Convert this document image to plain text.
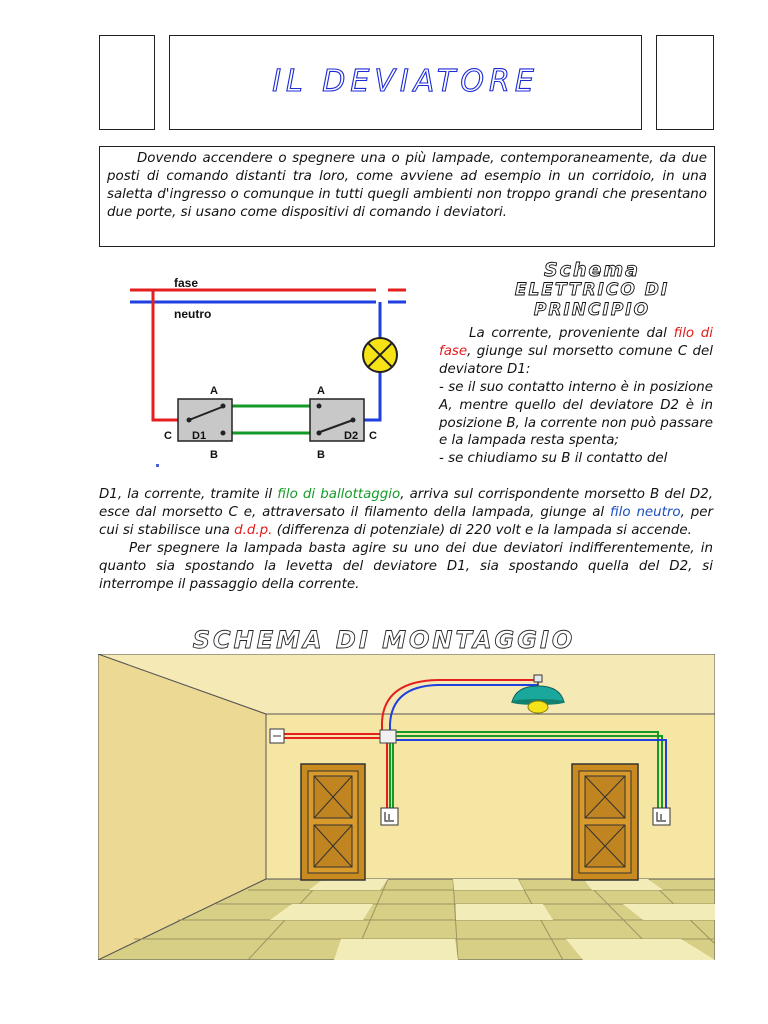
IL DEVIATORE

Dovendo accendere o spegnere una o più lampade, contemporaneamente, da due posti di comando distanti tra loro, come avviene ad esempio in un corridoio, in una saletta d'ingresso o comunque in tutti quegli ambienti non troppo grandi che presentano due porte, si usano come dispositivi di comando i deviatori.

fase
neutro
D1
A
B
C	D2
A
B
C
Schema
ELETTRICO DI
PRINCIPIO

La corrente, proveniente dal filo di fase, giunge sul morsetto comune C del deviatore D1:
- se il suo contatto interno è in posizione A, mentre quello del deviatore D2 è in posizione B, la corrente non può passare e la lampada resta spenta;
- se chiudiamo su B il contatto del

D1, la corrente, tramite il filo di ballottaggio, arriva sul corrispondente morsetto B del D2, esce dal morsetto C e, attraversato il filamento della lampada, giunge al filo neutro, per cui si stabilisce una d.d.p. (differenza di potenziale) di 220 volt e la lampada si accende.
Per spegnere la lampada basta agire su uno dei due deviatori indifferentemente, in quanto sia spostando la levetta del deviatore D1, sia spostando quella del D2, si interrompe il passaggio della corrente.

SCHEMA DI MONTAGGIO
